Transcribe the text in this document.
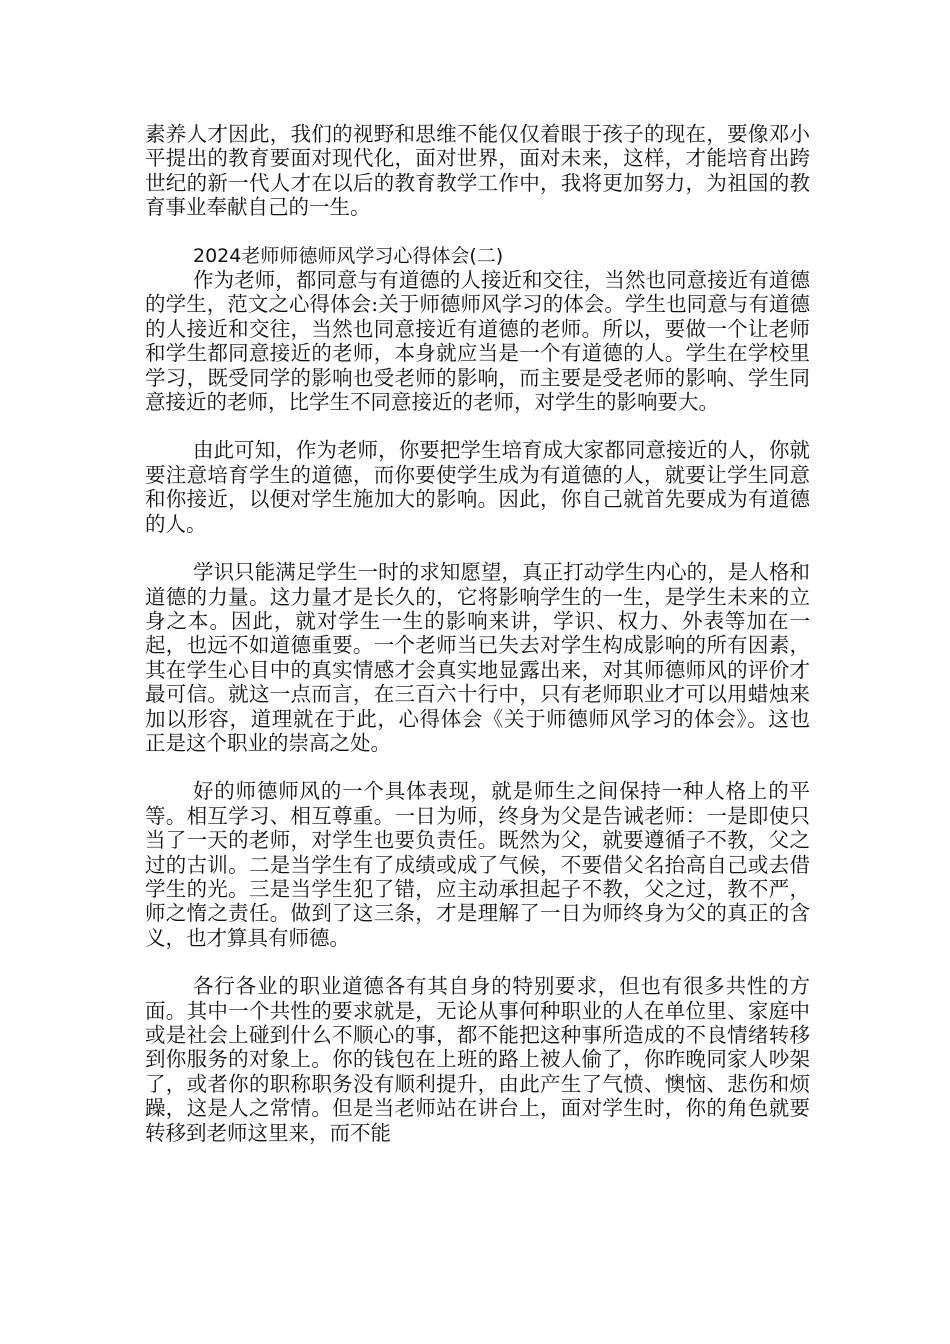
素养人才因此，我们的视野和思维不能仅仅着眼于孩子的现在，要像邓小平提出的教育要面对现代化，面对世界，面对未来，这样，才能培育出跨世纪的新一代人才在以后的教育教学工作中，我将更加努力，为祖国的教育事业奉献自己的一生。

2024老师师德师风学习心得体会(二)

作为老师，都同意与有道德的人接近和交往，当然也同意接近有道德的学生，范文之心得体会:关于师德师风学习的体会。学生也同意与有道德的人接近和交往，当然也同意接近有道德的老师。所以，要做一个让老师和学生都同意接近的老师，本身就应当是一个有道德的人。学生在学校里学习，既受同学的影响也受老师的影响，而主要是受老师的影响、学生同意接近的老师，比学生不同意接近的老师，对学生的影响要大。

由此可知，作为老师，你要把学生培育成大家都同意接近的人，你就要注意培育学生的道德，而你要使学生成为有道德的人，就要让学生同意和你接近，以便对学生施加大的影响。因此，你自己就首先要成为有道德的人。

学识只能满足学生一时的求知愿望，真正打动学生内心的，是人格和道德的力量。这力量才是长久的，它将影响学生的一生，是学生未来的立身之本。因此，就对学生一生的影响来讲，学识、权力、外表等加在一起，也远不如道德重要。一个老师当已失去对学生构成影响的所有因素，其在学生心目中的真实情感才会真实地显露出来，对其师德师风的评价才最可信。就这一点而言，在三百六十行中，只有老师职业才可以用蜡烛来加以形容，道理就在于此，心得体会《关于师德师风学习的体会》。这也正是这个职业的崇高之处。

好的师德师风的一个具体表现，就是师生之间保持一种人格上的平等。相互学习、相互尊重。一日为师，终身为父是告诫老师：一是即使只当了一天的老师，对学生也要负责任。既然为父，就要遵循子不教，父之过的古训。二是当学生有了成绩或成了气候，不要借父名抬高自己或去借学生的光。三是当学生犯了错，应主动承担起子不教，父之过，教不严，师之惰之责任。做到了这三条，才是理解了一日为师终身为父的真正的含义，也才算具有师德。

各行各业的职业道德各有其自身的特别要求，但也有很多共性的方面。其中一个共性的要求就是，无论从事何种职业的人在单位里、家庭中或是社会上碰到什么不顺心的事，都不能把这种事所造成的不良情绪转移到你服务的对象上。你的钱包在上班的路上被人偷了，你昨晚同家人吵架了，或者你的职称职务没有顺利提升，由此产生了气愤、懊恼、悲伤和烦躁，这是人之常情。但是当老师站在讲台上，面对学生时，你的角色就要转移到老师这里来，而不能
